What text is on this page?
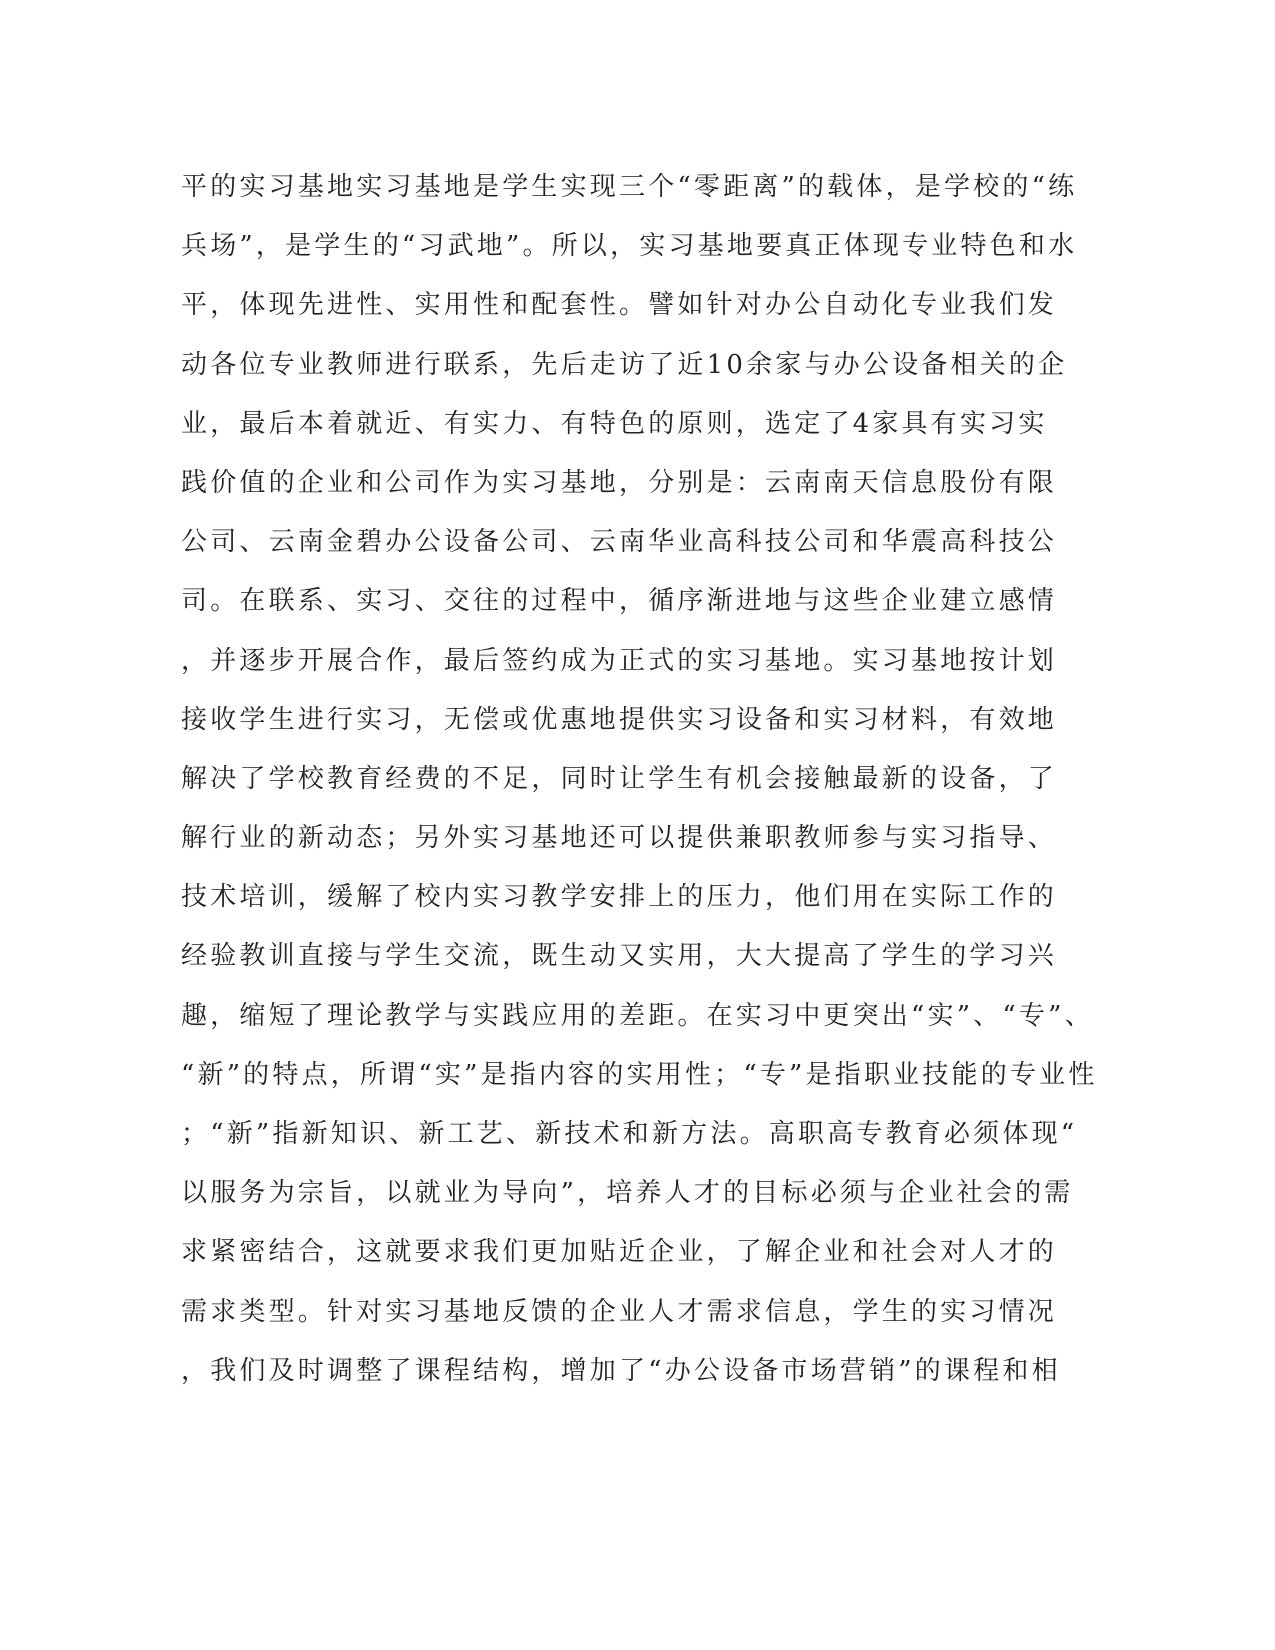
平的实习基地实习基地是学生实现三个“零距离”的载体，是学校的“练
兵场”，是学生的“习武地”。所以，实习基地要真正体现专业特色和水
平，体现先进性、实用性和配套性。譬如针对办公自动化专业我们发
动各位专业教师进行联系，先后走访了近10余家与办公设备相关的企
业，最后本着就近、有实力、有特色的原则，选定了4家具有实习实
践价值的企业和公司作为实习基地，分别是：云南南天信息股份有限
公司、云南金碧办公设备公司、云南华业高科技公司和华震高科技公
司。在联系、实习、交往的过程中，循序渐进地与这些企业建立感情
，并逐步开展合作，最后签约成为正式的实习基地。实习基地按计划
接收学生进行实习，无偿或优惠地提供实习设备和实习材料，有效地
解决了学校教育经费的不足，同时让学生有机会接触最新的设备，了
解行业的新动态；另外实习基地还可以提供兼职教师参与实习指导、
技术培训，缓解了校内实习教学安排上的压力，他们用在实际工作的
经验教训直接与学生交流，既生动又实用，大大提高了学生的学习兴
趣，缩短了理论教学与实践应用的差距。在实习中更突出“实”、“专”、
“新”的特点，所谓“实”是指内容的实用性；“专”是指职业技能的专业性
；“新”指新知识、新工艺、新技术和新方法。高职高专教育必须体现“
以服务为宗旨，以就业为导向”，培养人才的目标必须与企业社会的需
求紧密结合，这就要求我们更加贴近企业，了解企业和社会对人才的
需求类型。针对实习基地反馈的企业人才需求信息，学生的实习情况
，我们及时调整了课程结构，增加了“办公设备市场营销”的课程和相
